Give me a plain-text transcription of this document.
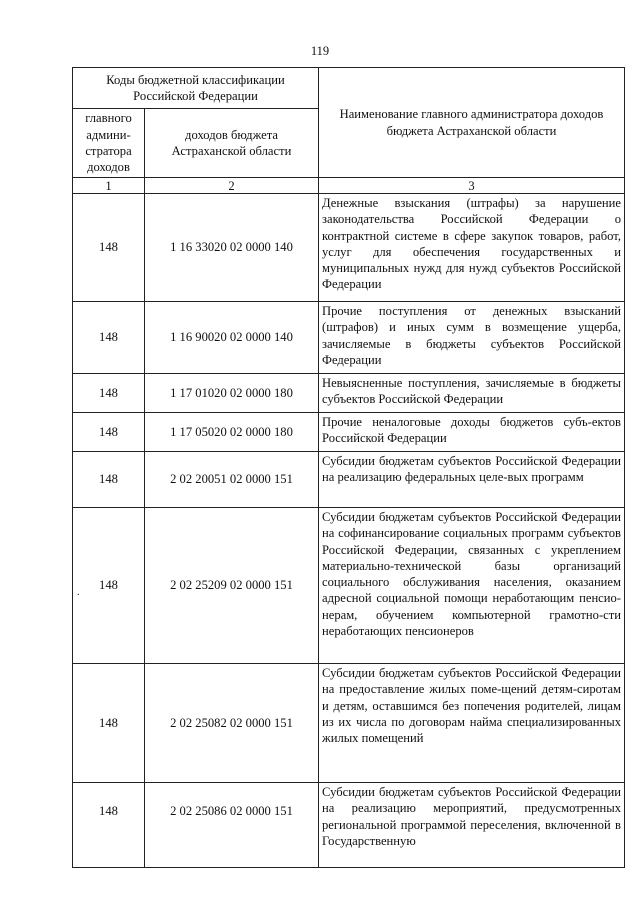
119
Коды бюджетной классификации Российской Федерации		Наименование главного администратора доходов бюджета Астраханской области
главного админи-стратора доходов	доходов бюджета Астраханской области	
1	2	3
148	1 16 33020 02 0000 140	Денежные взыскания (штрафы) за нарушение законодательства Российской Федерации о контрактной системе в сфере закупок товаров, работ, услуг для обеспечения государственных и муниципальных нужд для нужд субъектов Российской Федерации
148	1 16 90020 02 0000 140	Прочие поступления от денежных взысканий (штрафов) и иных сумм в возмещение ущерба, зачисляемые в бюджеты субъектов Российской Федерации
148	1 17 01020 02 0000 180	Невыясненные поступления, зачисляемые в бюджеты субъектов Российской Федерации
148	1 17 05020 02 0000 180	Прочие неналоговые доходы бюджетов субъ-ектов Российской Федерации
148	2 02 20051 02 0000 151	Субсидии бюджетам субъектов Российской Федерации на реализацию федеральных целе-вых программ
148	2 02 25209 02 0000 151	Субсидии бюджетам субъектов Российской Федерации на софинансирование социальных программ субъектов Российской Федерации, связанных с укреплением материально-технической базы организаций социального обслуживания населения, оказанием адресной социальной помощи неработающим пенсио-нерам, обучением компьютерной грамотно-сти неработающих пенсионеров
148	2 02 25082 02 0000 151	Субсидии бюджетам субъектов Российской Федерации на предоставление жилых поме-щений детям-сиротам и детям, оставшимся без попечения родителей, лицам из их числа по договорам найма специализированных жилых помещений
148	2 02 25086 02 0000 151	Субсидии бюджетам субъектов Российской Федерации на реализацию мероприятий, предусмотренных региональной программой переселения, включенной в Государственную
.
